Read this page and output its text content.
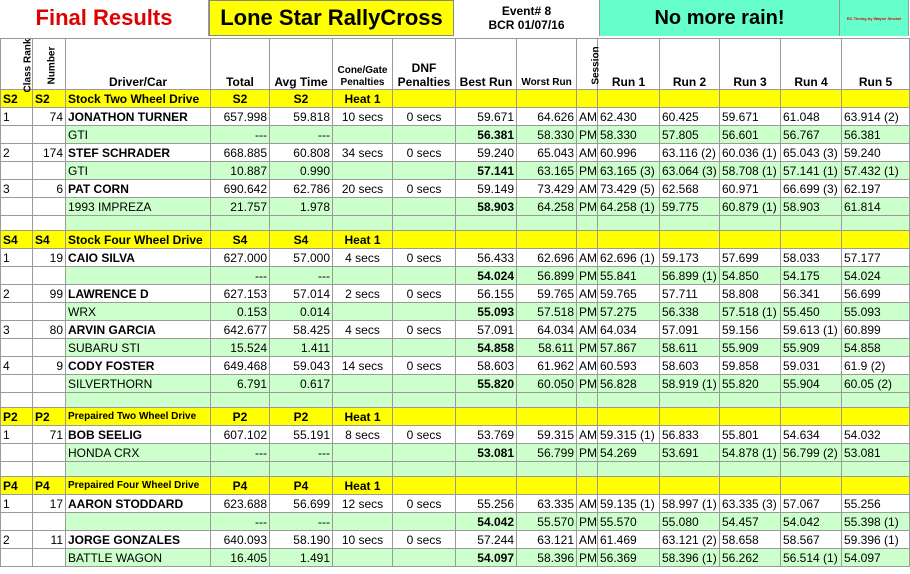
Final Results	Lone Star RallyCross	Event# 8
BCR 01/07/16	No more rain!	RC Timing by Wayne Strobel
Class Rank	Number	Driver/Car	Total	Avg Time	Cone/Gate Penalties	DNF Penalties	Best Run	Worst Run	Session	Run 1	Run 2	Run 3	Run 4	Run 5
S2	S2	Stock Two Wheel Drive	S2	S2	Heat 1									
1	74	JONATHON TURNER	657.998	59.818	10 secs	0 secs	59.671	64.626	AM	62.430	60.425	59.671	61.048	63.914 (2)
		GTI	---	---			56.381	58.330	PM	58.330	57.805	56.601	56.767	56.381
2	174	STEF SCHRADER	668.885	60.808	34 secs	0 secs	59.240	65.043	AM	60.996	63.116 (2)	60.036 (1)	65.043 (3)	59.240
		GTI	10.887	0.990			57.141	63.165	PM	63.165 (3)	63.064 (3)	58.708 (1)	57.141 (1)	57.432 (1)
3	6	PAT CORN	690.642	62.786	20 secs	0 secs	59.149	73.429	AM	73.429 (5)	62.568	60.971	66.699 (3)	62.197
		1993 IMPREZA	21.757	1.978			58.903	64.258	PM	64.258 (1)	59.775	60.879 (1)	58.903	61.814

S4	S4	Stock Four Wheel Drive	S4	S4	Heat 1									
1	19	CAIO SILVA	627.000	57.000	4 secs	0 secs	56.433	62.696	AM	62.696 (1)	59.173	57.699	58.033	57.177
			---	---			54.024	56.899	PM	55.841	56.899 (1)	54.850	54.175	54.024
2	99	LAWRENCE D	627.153	57.014	2 secs	0 secs	56.155	59.765	AM	59.765	57.711	58.808	56.341	56.699
		WRX	0.153	0.014			55.093	57.518	PM	57.275	56.338	57.518 (1)	55.450	55.093
3	80	ARVIN GARCIA	642.677	58.425	4 secs	0 secs	57.091	64.034	AM	64.034	57.091	59.156	59.613 (1)	60.899
		SUBARU STI	15.524	1.411			54.858	58.611	PM	57.867	58.611	55.909	55.909	54.858
4	9	CODY FOSTER	649.468	59.043	14 secs	0 secs	58.603	61.962	AM	60.593	58.603	59.858	59.031	61.9 (2)
		SILVERTHORN	6.791	0.617			55.820	60.050	PM	56.828	58.919 (1)	55.820	55.904	60.05 (2)

P2	P2	Prepaired Two Wheel Drive	P2	P2	Heat 1									
1	71	BOB SEELIG	607.102	55.191	8 secs	0 secs	53.769	59.315	AM	59.315 (1)	56.833	55.801	54.634	54.032
		HONDA CRX	---	---			53.081	56.799	PM	54.269	53.691	54.878 (1)	56.799 (2)	53.081

P4	P4	Prepaired Four Wheel Drive	P4	P4	Heat 1									
1	17	AARON STODDARD	623.688	56.699	12 secs	0 secs	55.256	63.335	AM	59.135 (1)	58.997 (1)	63.335 (3)	57.067	55.256
			---	---			54.042	55.570	PM	55.570	55.080	54.457	54.042	55.398 (1)
2	11	JORGE GONZALES	640.093	58.190	10 secs	0 secs	57.244	63.121	AM	61.469	63.121 (2)	58.658	58.567	59.396 (1)
		BATTLE WAGON	16.405	1.491			54.097	58.396	PM	56.369	58.396 (1)	56.262	56.514 (1)	54.097
